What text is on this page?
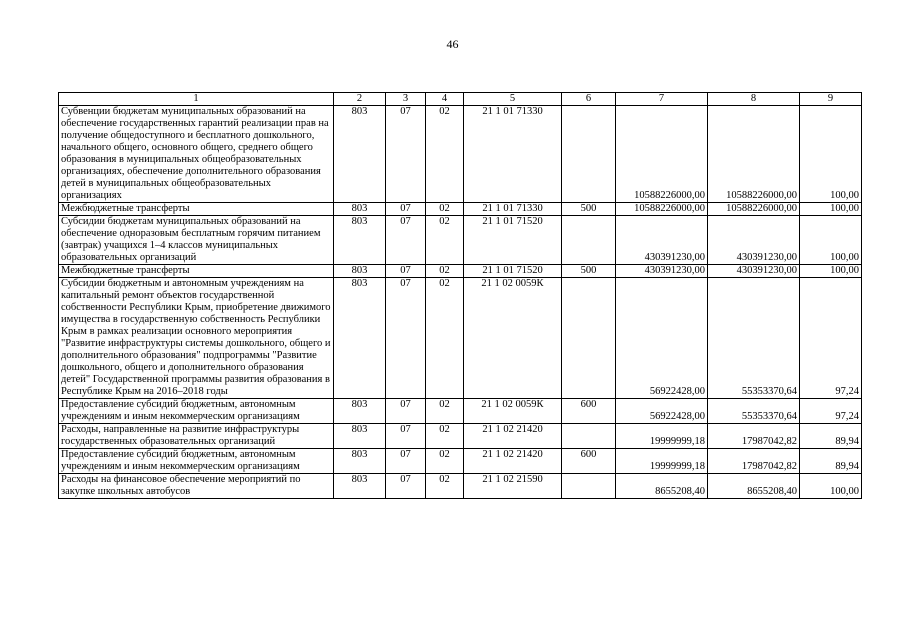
46
1	2	3	4	5	6	7	8	9
Субвенции бюджетам муниципальных образований на обеспечение государственных гарантий реализации прав на получение общедоступного и бесплатного дошкольного, начального общего, основного общего, среднего общего образования в муниципальных общеобразовательных организациях, обеспечение дополнительного образования детей в муниципальных общеобразовательных организациях	803	07	02	21 1 01 71330		10588226000,00	10588226000,00	100,00
Межбюджетные трансферты	803	07	02	21 1 01 71330	500	10588226000,00	10588226000,00	100,00
Субсидии бюджетам муниципальных образований на обеспечение одноразовым бесплатным горячим питанием (завтрак) учащихся 1–4 классов муниципальных образовательных организаций	803	07	02	21 1 01 71520		430391230,00	430391230,00	100,00
Межбюджетные трансферты	803	07	02	21 1 01 71520	500	430391230,00	430391230,00	100,00
Субсидии бюджетным и автономным учреждениям на капитальный ремонт объектов государственной собственности Республики Крым, приобретение движимого имущества в государственную собственность Республики Крым в рамках реализации основного мероприятия "Развитие инфраструктуры системы дошкольного, общего и дополнительного образования" подпрограммы "Развитие дошкольного, общего и дополнительного образования детей" Государственной программы развития образования в Республике Крым на 2016–2018 годы	803	07	02	21 1 02 0059К		56922428,00	55353370,64	97,24
Предоставление субсидий бюджетным, автономным учреждениям и иным некоммерческим организациям	803	07	02	21 1 02 0059К	600	56922428,00	55353370,64	97,24
Расходы, направленные на развитие инфраструктуры государственных образовательных организаций	803	07	02	21 1 02 21420		19999999,18	17987042,82	89,94
Предоставление субсидий бюджетным, автономным учреждениям и иным некоммерческим организациям	803	07	02	21 1 02 21420	600	19999999,18	17987042,82	89,94
Расходы на финансовое обеспечение мероприятий по закупке школьных автобусов	803	07	02	21 1 02 21590		8655208,40	8655208,40	100,00
